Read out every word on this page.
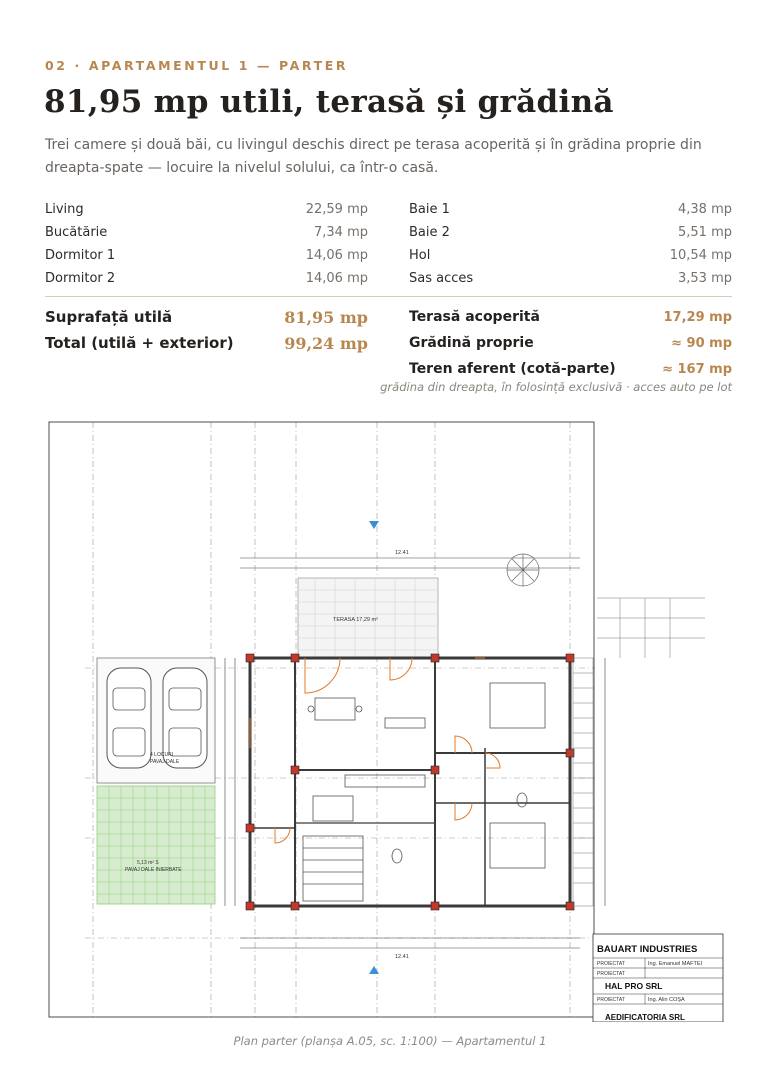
02 · APARTAMENTUL 1 — PARTER
81,95 mp utili, terasă și grădină
Trei camere și două băi, cu livingul deschis direct pe terasa acoperită și în grădina proprie din dreapta-spate — locuire la nivelul solului, ca într-o casă.
Living	22,59 mp
Bucătărie	7,34 mp
Dormitor 1	14,06 mp
Dormitor 2	14,06 mp
Baie 1	4,38 mp
Baie 2	5,51 mp
Hol	10,54 mp
Sas acces	3,53 mp
Suprafață utilă	81,95 mp
Total (utilă + exterior)	99,24 mp
Terasă acoperită	17,29 mp
Grădină proprie	≈ 90 mp
Teren aferent (cotă-parte)	≈ 167 mp
grădina din dreapta, în folosință exclusivă · acces auto pe lot
4 LOCURI
PAVAJ DALE
5,13 m² S
PAVAJ DALE INIERBATE
TERASA 17,29 m²
12.41
12.41
BAUART INDUSTRIES
PROIECTAT	Ing. Emanuel MAFTEI
PROIECTAT
HAL PRO SRL
PROIECTAT	Ing. Alin COȘA
AEDIFICATORIA SRL
Plan parter (planșa A.05, sc. 1:100) — Apartamentul 1
